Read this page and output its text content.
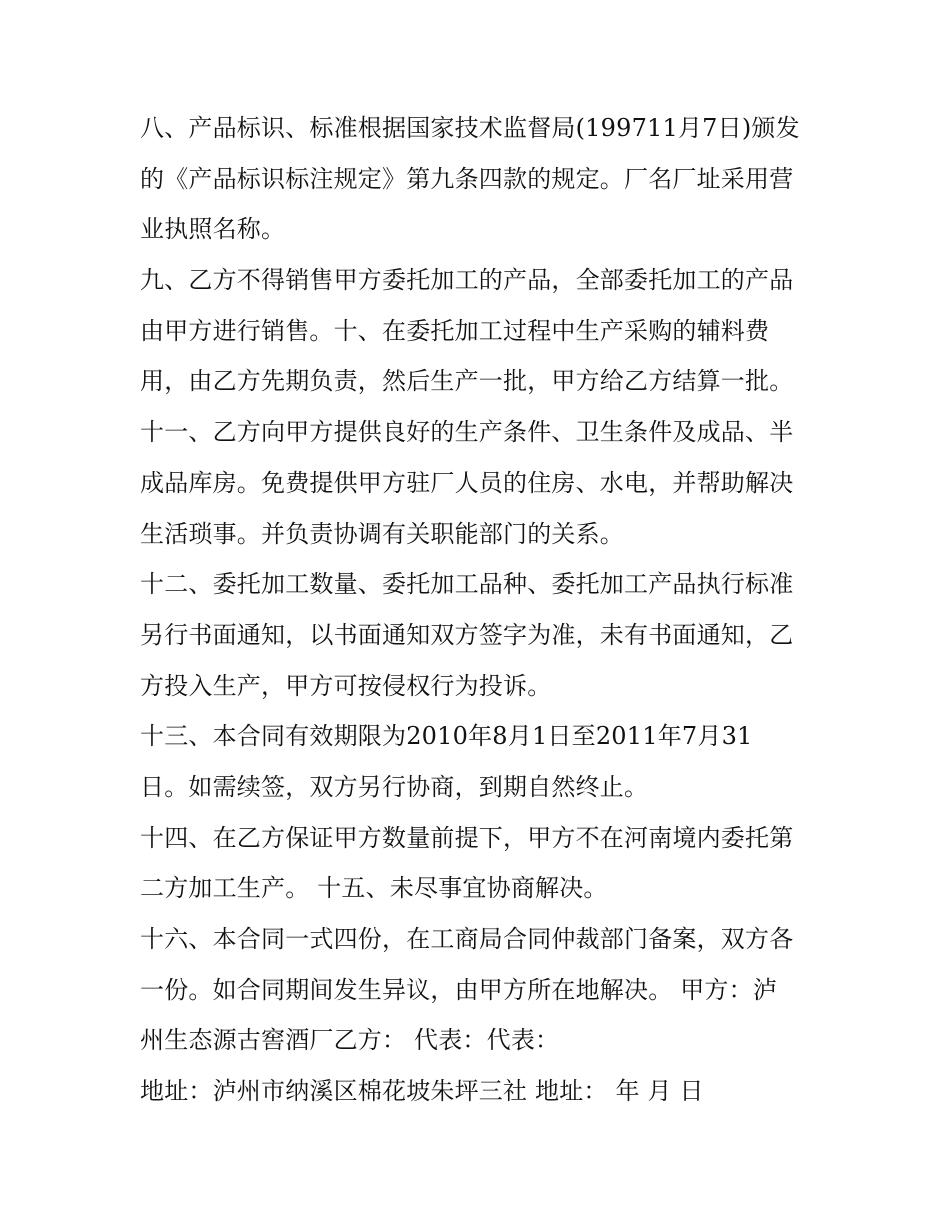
八、产品标识、标准根据国家技术监督局(199711月7日)颁发
的《产品标识标注规定》第九条四款的规定。厂名厂址采用营
业执照名称。
九、乙方不得销售甲方委托加工的产品，全部委托加工的产品
由甲方进行销售。十、在委托加工过程中生产采购的辅料费
用，由乙方先期负责，然后生产一批，甲方给乙方结算一批。
十一、乙方向甲方提供良好的生产条件、卫生条件及成品、半
成品库房。免费提供甲方驻厂人员的住房、水电，并帮助解决
生活琐事。并负责协调有关职能部门的关系。
十二、委托加工数量、委托加工品种、委托加工产品执行标准
另行书面通知，以书面通知双方签字为准，未有书面通知，乙
方投入生产，甲方可按侵权行为投诉。
十三、本合同有效期限为2010年8月1日至2011年7月31
日。如需续签，双方另行协商，到期自然终止。
十四、在乙方保证甲方数量前提下，甲方不在河南境内委托第
二方加工生产。 十五、未尽事宜协商解决。
十六、本合同一式四份，在工商局合同仲裁部门备案，双方各
一份。如合同期间发生异议，由甲方所在地解决。 甲方：泸
州生态源古窖酒厂乙方： 代表：代表：
地址：泸州市纳溪区棉花坡朱坪三社 地址： 年 月 日
